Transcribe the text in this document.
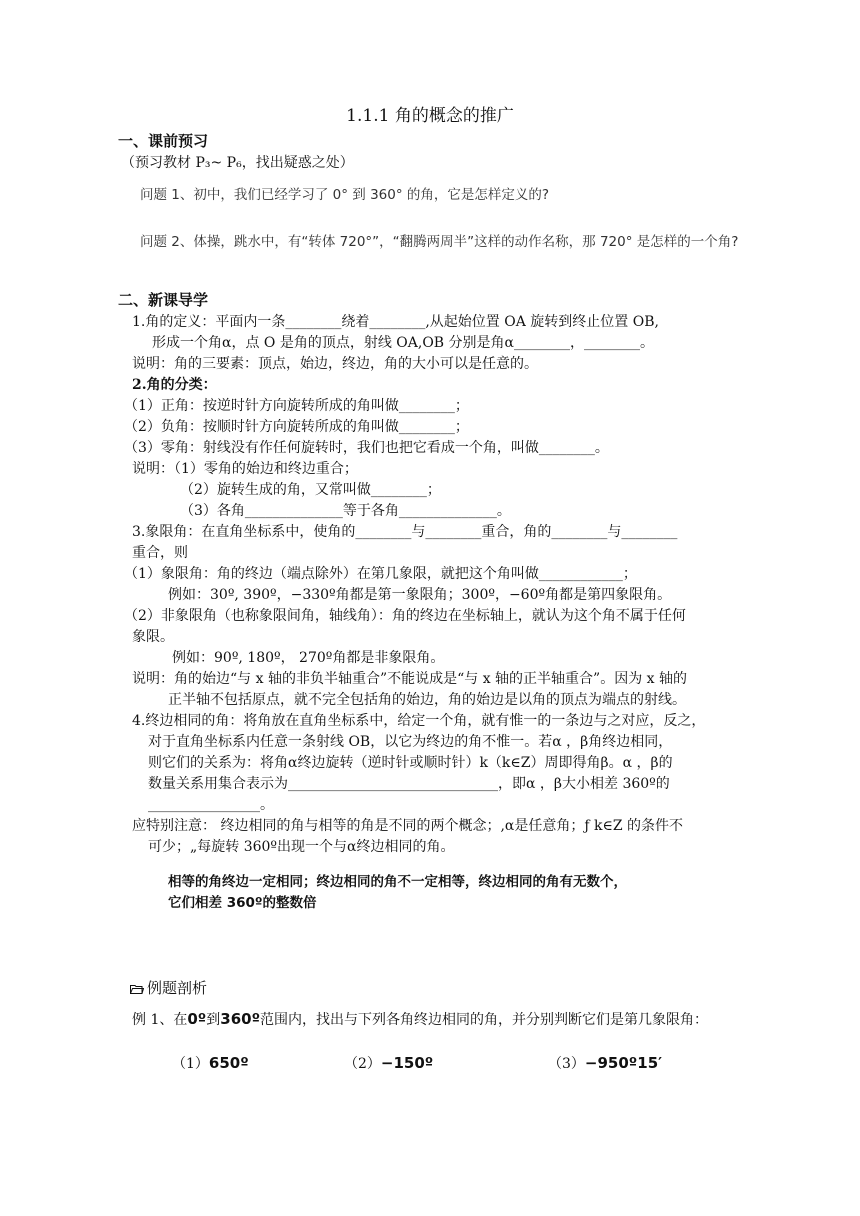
1.1.1 角的概念的推广
一、课前预习
（预习教材 P₃~ P₆，找出疑惑之处）
问题 1、初中，我们已经学习了 0° 到 360° 的角，它是怎样定义的?
问题 2、体操，跳水中，有“转体 720°”，“翻腾两周半”这样的动作名称，那 720° 是怎样的一个角?
二、新课导学
1.角的定义：平面内一条________绕着________,从起始位置 OA 旋转到终止位置 OB,
形成一个角α，点 O 是角的顶点，射线 OA,OB 分别是角α________，________。
说明：角的三要素：顶点，始边，终边，角的大小可以是任意的。
2.角的分类：
（1）正角：按逆时针方向旋转所成的角叫做________；
（2）负角：按顺时针方向旋转所成的角叫做________；
（3）零角：射线没有作任何旋转时，我们也把它看成一个角，叫做________。
说明：（1）零角的始边和终边重合；
（2）旋转生成的角，又常叫做________；
（3）各角______________等于各角______________。
3.象限角：在直角坐标系中，使角的________与________重合，角的________与________
重合，则
（1）象限角：角的终边（端点除外）在第几象限，就把这个角叫做____________；
例如：30º, 390º，−330º角都是第一象限角；300º，−60º角都是第四象限角。
（2）非象限角（也称象限间角，轴线角）：角的终边在坐标轴上，就认为这个角不属于任何
象限。
例如：90º, 180º， 270º角都是非象限角。
说明：角的始边“与 x 轴的非负半轴重合”不能说成是“与 x 轴的正半轴重合”。因为 x 轴的
正半轴不包括原点，就不完全包括角的始边，角的始边是以角的顶点为端点的射线。
4.终边相同的角：将角放在直角坐标系中，给定一个角，就有惟一的一条边与之对应，反之，
对于直角坐标系内任意一条射线 OB，以它为终边的角不惟一。若α ，β角终边相同，
则它们的关系为：将角α终边旋转（逆时针或顺时针）k（k∈Z）周即得角β。α ，β的
数量关系用集合表示为______________________________，即α ，β大小相差 360º的
________________。
应特别注意： 终边相同的角与相等的角是不同的两个概念；,α是任意角；ƒ k∈Z 的条件不
可少；„每旋转 360º出现一个与α终边相同的角。
相等的角终边一定相同；终边相同的角不一定相等，终边相同的角有无数个，
它们相差 360º的整数倍
例题剖析
例 1、在0º到360º范围内，找出与下列各角终边相同的角，并分别判断它们是第几象限角：
（1）650º	（2）−150º	（3）−950º15′
